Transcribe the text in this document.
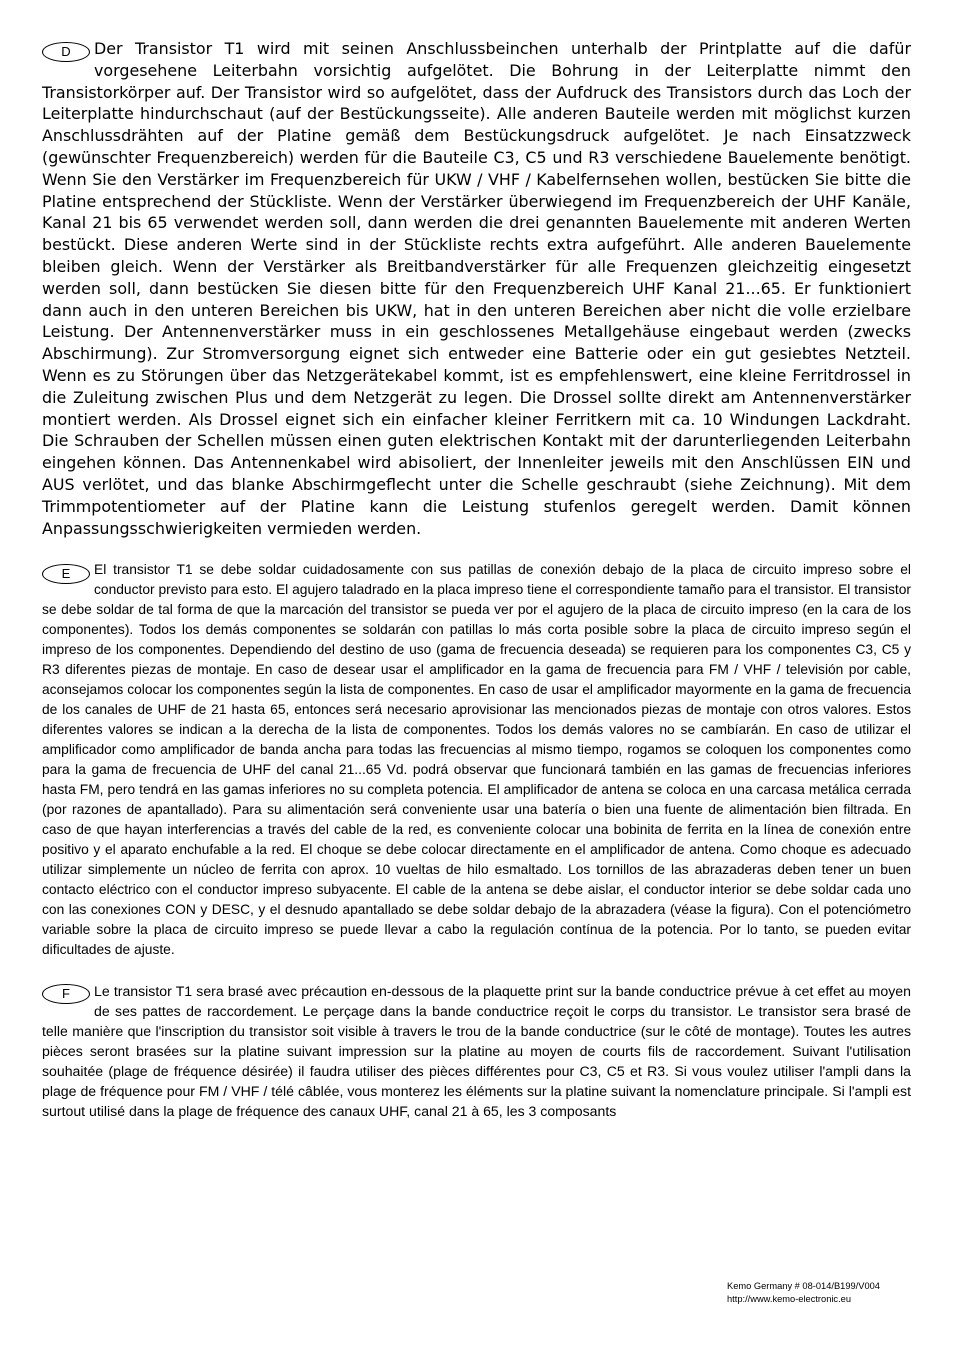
D	Der Transistor T1 wird mit seinen Anschlussbeinchen unterhalb der Printplatte auf die dafür vorgesehene Leiterbahn vorsichtig aufgelötet. Die Bohrung in der Leiterplatte nimmt den Transistorkörper auf. Der Transistor wird so aufgelötet, dass der Aufdruck des Transistors durch das Loch der Leiterplatte hindurchschaut (auf der Bestückungsseite). Alle anderen Bauteile werden mit möglichst kurzen Anschlussdrähten auf der Platine gemäß dem Bestückungsdruck aufgelötet. Je nach Einsatzzweck (gewünschter Frequenzbereich) werden für die Bauteile C3, C5 und R3 verschiedene Bauelemente benötigt. Wenn Sie den Verstärker im Frequenzbereich für UKW / VHF / Kabelfernsehen wollen, bestücken Sie bitte die Platine entsprechend der Stückliste. Wenn der Verstärker überwiegend im Frequenzbereich der UHF Kanäle, Kanal 21 bis 65 verwendet werden soll, dann werden die drei genannten Bauelemente mit anderen Werten bestückt. Diese anderen Werte sind in der Stückliste rechts extra aufgeführt. Alle anderen Bauelemente bleiben gleich. Wenn der Verstärker als Breitbandverstärker für alle Frequenzen gleichzeitig eingesetzt werden soll, dann bestücken Sie diesen bitte für den Frequenzbereich UHF Kanal 21...65. Er funktioniert dann auch in den unteren Bereichen bis UKW, hat in den unteren Bereichen aber nicht die volle erzielbare Leistung. Der Antennenverstärker muss in ein geschlossenes Metallgehäuse eingebaut werden (zwecks Abschirmung). Zur Stromversorgung eignet sich entweder eine Batterie oder ein gut gesiebtes Netzteil. Wenn es zu Störungen über das Netzgerätekabel kommt, ist es empfehlenswert, eine kleine Ferritdrossel in die Zuleitung zwischen Plus und dem Netzgerät zu legen. Die Drossel sollte direkt am Antennenverstärker montiert werden. Als Drossel eignet sich ein einfacher kleiner Ferritkern mit ca. 10 Windungen Lackdraht. Die Schrauben der Schellen müssen einen guten elektrischen Kontakt mit der darunterliegenden Leiterbahn eingehen können. Das Antennenkabel wird abisoliert, der Innenleiter jeweils mit den Anschlüssen EIN und AUS verlötet, und das blanke Abschirmgeflecht unter die Schelle geschraubt (siehe Zeichnung). Mit dem Trimmpotentiometer auf der Platine kann die Leistung stufenlos geregelt werden. Damit können Anpassungsschwierigkeiten vermieden werden.

E	El transistor T1 se debe soldar cuidadosamente con sus patillas de conexión debajo de la placa de circuito impreso sobre el conductor previsto para esto. El agujero taladrado en la placa impreso tiene el correspondiente tamaño para el transistor. El transistor se debe soldar de tal forma de que la marcación del transistor se pueda ver por el agujero de la placa de circuito impreso (en la cara de los componentes). Todos los demás componentes se soldarán con patillas lo más corta posible sobre la placa de circuito impreso según el impreso de los componentes. Dependiendo del destino de uso (gama de frecuencia deseada) se requieren para los componentes C3, C5 y R3 diferentes piezas de montaje. En caso de desear usar el amplificador en la gama de frecuencia para FM / VHF / televisión por cable, aconsejamos colocar los componentes según la lista de componentes. En caso de usar el amplificador mayormente en la gama de frecuencia de los canales de UHF de 21 hasta 65, entonces será necesario aprovisionar las mencionados piezas de montaje con otros valores. Estos diferentes valores se indican a la derecha de la lista de componentes. Todos los demás valores no se cambíarán. En caso de utilizar el amplificador como amplificador de banda ancha para todas las frecuencias al mismo tiempo, rogamos se coloquen los componentes como para la gama de frecuencia de UHF del canal 21...65 Vd. podrá observar que funcionará también en las gamas de frecuencias inferiores hasta FM, pero tendrá en las gamas inferiores no su completa potencia. El amplificador de antena se coloca en una carcasa metálica cerrada (por razones de apantallado). Para su alimentación será conveniente usar una batería o bien una fuente de alimentación bien filtrada. En caso de que hayan interferencias a través del cable de la red, es conveniente colocar una bobinita de ferrita en la línea de conexión entre positivo y el aparato enchufable a la red. El choque se debe colocar directamente en el amplificador de antena. Como choque es adecuado utilizar simplemente un núcleo de ferrita con aprox. 10 vueltas de hilo esmaltado. Los tornillos de las abrazaderas deben tener un buen contacto eléctrico con el conductor impreso subyacente. El cable de la antena se debe aislar, el conductor interior se debe soldar cada uno con las conexiones CON y DESC, y el desnudo apantallado se debe soldar debajo de la abrazadera (véase la figura). Con el potenciómetro variable sobre la placa de circuito impreso se puede llevar a cabo la regulación contínua de la potencia. Por lo tanto, se pueden evitar dificultades de ajuste.

F	Le transistor T1 sera brasé avec précaution en-dessous de la plaquette print sur la bande conductrice prévue à cet effet au moyen de ses pattes de raccordement. Le perçage dans la bande conductrice reçoit le corps du transistor. Le transistor sera brasé de telle manière que l'inscription du transistor soit visible à travers le trou de la bande conductrice (sur le côté de montage). Toutes les autres pièces seront brasées sur la platine suivant impression sur la platine au moyen de courts fils de raccordement. Suivant l'utilisation souhaitée (plage de fréquence désirée) il faudra utiliser des pièces différentes pour C3, C5 et R3. Si vous voulez utiliser l'ampli dans la plage de fréquence pour FM / VHF / télé câblée, vous monterez les éléments sur la platine suivant la nomenclature principale. Si l'ampli est surtout utilisé dans la plage de fréquence des canaux UHF, canal 21 à 65, les 3 composants

Kemo Germany # 08-014/B199/V004
http://www.kemo-electronic.eu
